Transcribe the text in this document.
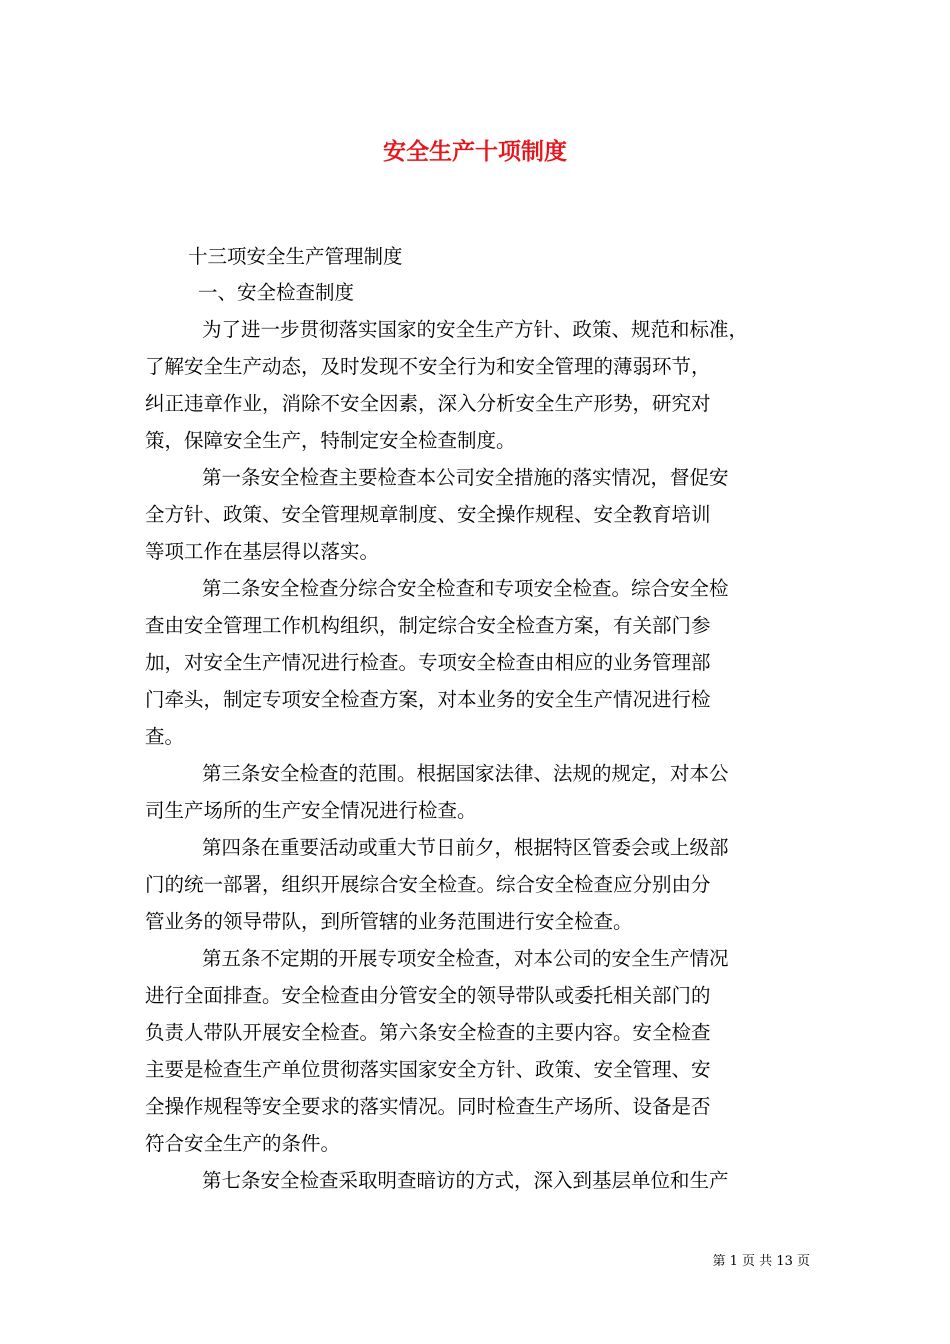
安全生产十项制度

十三项安全生产管理制度

一、安全检查制度

为了进一步贯彻落实国家的安全生产方针、政策、规范和标准，

了解安全生产动态，及时发现不安全行为和安全管理的薄弱环节，

纠正违章作业，消除不安全因素，深入分析安全生产形势，研究对

策，保障安全生产，特制定安全检查制度。

第一条安全检查主要检查本公司安全措施的落实情况，督促安

全方针、政策、安全管理规章制度、安全操作规程、安全教育培训

等项工作在基层得以落实。

第二条安全检查分综合安全检查和专项安全检查。综合安全检

查由安全管理工作机构组织，制定综合安全检查方案，有关部门参

加，对安全生产情况进行检查。专项安全检查由相应的业务管理部

门牵头，制定专项安全检查方案，对本业务的安全生产情况进行检

查。

第三条安全检查的范围。根据国家法律、法规的规定，对本公

司生产场所的生产安全情况进行检查。

第四条在重要活动或重大节日前夕，根据特区管委会或上级部

门的统一部署，组织开展综合安全检查。综合安全检查应分别由分

管业务的领导带队，到所管辖的业务范围进行安全检查。

第五条不定期的开展专项安全检查，对本公司的安全生产情况

进行全面排查。安全检查由分管安全的领导带队或委托相关部门的

负责人带队开展安全检查。第六条安全检查的主要内容。安全检查

主要是检查生产单位贯彻落实国家安全方针、政策、安全管理、安

全操作规程等安全要求的落实情况。同时检查生产场所、设备是否

符合安全生产的条件。

第七条安全检查采取明查暗访的方式，深入到基层单位和生产

第 1 页 共 13 页
